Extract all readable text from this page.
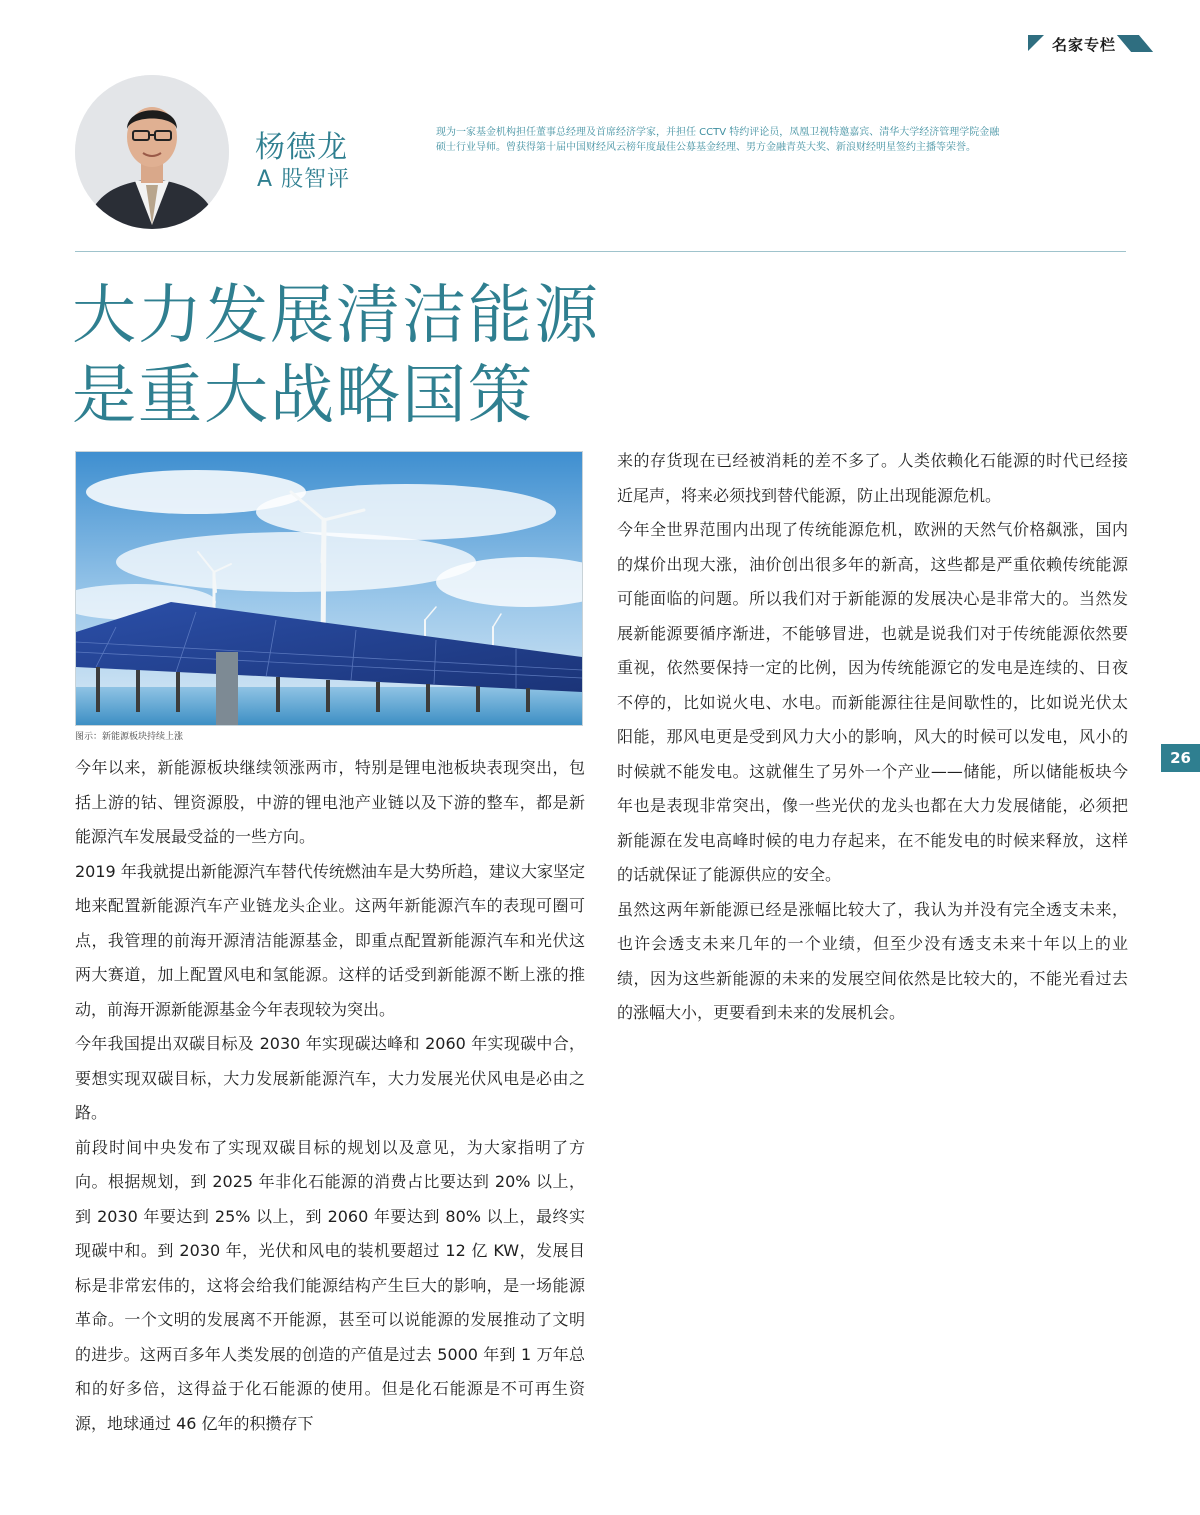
名家专栏
杨德龙
A 股智评
现为一家基金机构担任董事总经理及首席经济学家，并担任 CCTV 特约评论员，凤凰卫视特邀嘉宾、清华大学经济管理学院金融硕士行业导师。曾获得第十届中国财经风云榜年度最佳公募基金经理、男方金融青英大奖、新浪财经明星签约主播等荣誉。
大力发展清洁能源
是重大战略国策
图示：新能源板块持续上涨

今年以来，新能源板块继续领涨两市，特别是锂电池板块表现突出，包括上游的钴、锂资源股，中游的锂电池产业链以及下游的整车，都是新能源汽车发展最受益的一些方向。

2019 年我就提出新能源汽车替代传统燃油车是大势所趋，建议大家坚定地来配置新能源汽车产业链龙头企业。这两年新能源汽车的表现可圈可点，我管理的前海开源清洁能源基金，即重点配置新能源汽车和光伏这两大赛道，加上配置风电和氢能源。这样的话受到新能源不断上涨的推动，前海开源新能源基金今年表现较为突出。

今年我国提出双碳目标及 2030 年实现碳达峰和 2060 年实现碳中合，要想实现双碳目标，大力发展新能源汽车，大力发展光伏风电是必由之路。

前段时间中央发布了实现双碳目标的规划以及意见，为大家指明了方向。根据规划，到 2025 年非化石能源的消费占比要达到 20% 以上，到 2030 年要达到 25% 以上，到 2060 年要达到 80% 以上，最终实现碳中和。到 2030 年，光伏和风电的装机要超过 12 亿 KW，发展目标是非常宏伟的，这将会给我们能源结构产生巨大的影响，是一场能源革命。一个文明的发展离不开能源，甚至可以说能源的发展推动了文明的进步。这两百多年人类发展的创造的产值是过去 5000 年到 1 万年总和的好多倍，这得益于化石能源的使用。但是化石能源是不可再生资源，地球通过 46 亿年的积攒存下

来的存货现在已经被消耗的差不多了。人类依赖化石能源的时代已经接近尾声，将来必须找到替代能源，防止出现能源危机。

今年全世界范围内出现了传统能源危机，欧洲的天然气价格飙涨，国内的煤价出现大涨，油价创出很多年的新高，这些都是严重依赖传统能源可能面临的问题。所以我们对于新能源的发展决心是非常大的。当然发展新能源要循序渐进，不能够冒进，也就是说我们对于传统能源依然要重视，依然要保持一定的比例，因为传统能源它的发电是连续的、日夜不停的，比如说火电、水电。而新能源往往是间歇性的，比如说光伏太阳能，那风电更是受到风力大小的影响，风大的时候可以发电，风小的时候就不能发电。这就催生了另外一个产业——储能，所以储能板块今年也是表现非常突出，像一些光伏的龙头也都在大力发展储能，必须把新能源在发电高峰时候的电力存起来，在不能发电的时候来释放，这样的话就保证了能源供应的安全。

虽然这两年新能源已经是涨幅比较大了，我认为并没有完全透支未来，也许会透支未来几年的一个业绩，但至少没有透支未来十年以上的业绩，因为这些新能源的未来的发展空间依然是比较大的，不能光看过去的涨幅大小，更要看到未来的发展机会。

26
